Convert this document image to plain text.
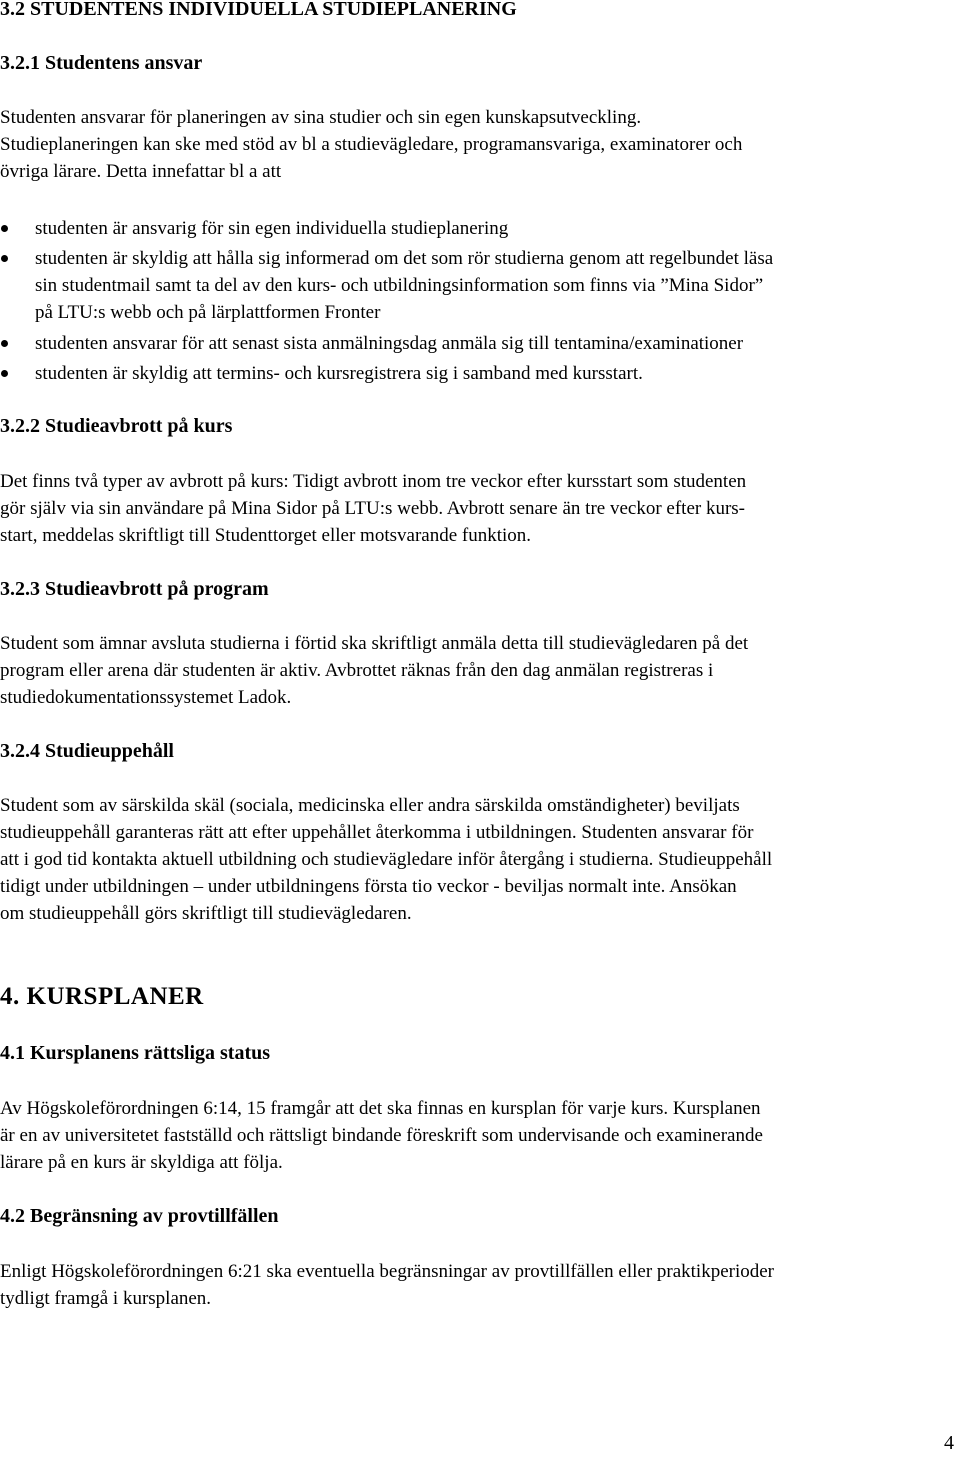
3.2 STUDENTENS INDIVIDUELLA STUDIEPLANERING
3.2.1 Studentens ansvar
Studenten ansvarar för planeringen av sina studier och sin egen kunskapsutveckling.
Studieplaneringen kan ske med stöd av bl a studievägledare, programansvariga, examinatorer och
övriga lärare. Detta innefattar bl a att
studenten är ansvarig för sin egen individuella studieplanering
studenten är skyldig att hålla sig informerad om det som rör studierna genom att regelbundet läsa
sin studentmail samt ta del av den kurs- och utbildningsinformation som finns via ”Mina Sidor”
på LTU:s webb och på lärplattformen Fronter
studenten ansvarar för att senast sista anmälningsdag anmäla sig till tentamina/examinationer
studenten är skyldig att termins- och kursregistrera sig i samband med kursstart.
3.2.2 Studieavbrott på kurs
Det finns två typer av avbrott på kurs: Tidigt avbrott inom tre veckor efter kursstart som studenten
gör själv via sin användare på Mina Sidor på LTU:s webb. Avbrott senare än tre veckor efter kurs-
start, meddelas skriftligt till Studenttorget eller motsvarande funktion.
3.2.3 Studieavbrott på program
Student som ämnar avsluta studierna i förtid ska skriftligt anmäla detta till studievägledaren på det
program eller arena där studenten är aktiv. Avbrottet räknas från den dag anmälan registreras i
studiedokumentationssystemet Ladok.
3.2.4 Studieuppehåll
Student som av särskilda skäl (sociala, medicinska eller andra särskilda omständigheter) beviljats
studieuppehåll garanteras rätt att efter uppehållet återkomma i utbildningen. Studenten ansvarar för
att i god tid kontakta aktuell utbildning och studievägledare inför återgång i studierna. Studieuppehåll
tidigt under utbildningen – under utbildningens första tio veckor - beviljas normalt inte. Ansökan
om studieuppehåll görs skriftligt till studievägledaren.
4. KURSPLANER
4.1 Kursplanens rättsliga status
Av Högskoleförordningen 6:14, 15 framgår att det ska finnas en kursplan för varje kurs. Kursplanen
är en av universitetet fastställd och rättsligt bindande föreskrift som undervisande och examinerande
lärare på en kurs är skyldiga att följa.
4.2 Begränsning av provtillfällen
Enligt Högskoleförordningen 6:21 ska eventuella begränsningar av provtillfällen eller praktikperioder
tydligt framgå i kursplanen.
4
